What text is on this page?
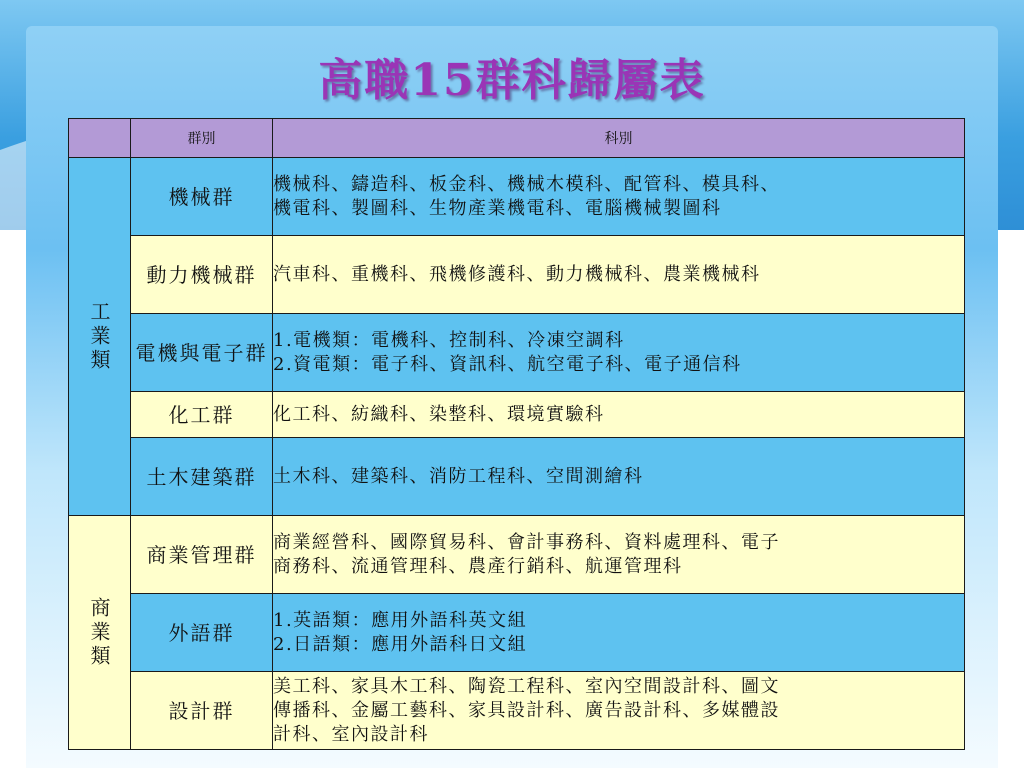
高職15群科歸屬表
	群別	科別
工業類	機械群	機械科、鑄造科、板金科、機械木模科、配管科、模具科、
機電科、製圖科、生物產業機電科、電腦機械製圖科

	動力機械群	汽車科、重機科、飛機修護科、動力機械科、農業機械科

	電機與電子群	1.電機類：電機科、控制科、冷凍空調科
2.資電類：電子科、資訊科、航空電子科、電子通信科

	化工群	化工科、紡織科、染整科、環境實驗科

	土木建築群	土木科、建築科、消防工程科、空間測繪科

商業類	商業管理群	商業經營科、國際貿易科、會計事務科、資料處理科、電子
商務科、流通管理科、農產行銷科、航運管理科

	外語群	1.英語類：應用外語科英文組
2.日語類：應用外語科日文組

	設計群	美工科、家具木工科、陶瓷工程科、室內空間設計科、圖文
傳播科、金屬工藝科、家具設計科、廣告設計科、多媒體設
計科、室內設計科
